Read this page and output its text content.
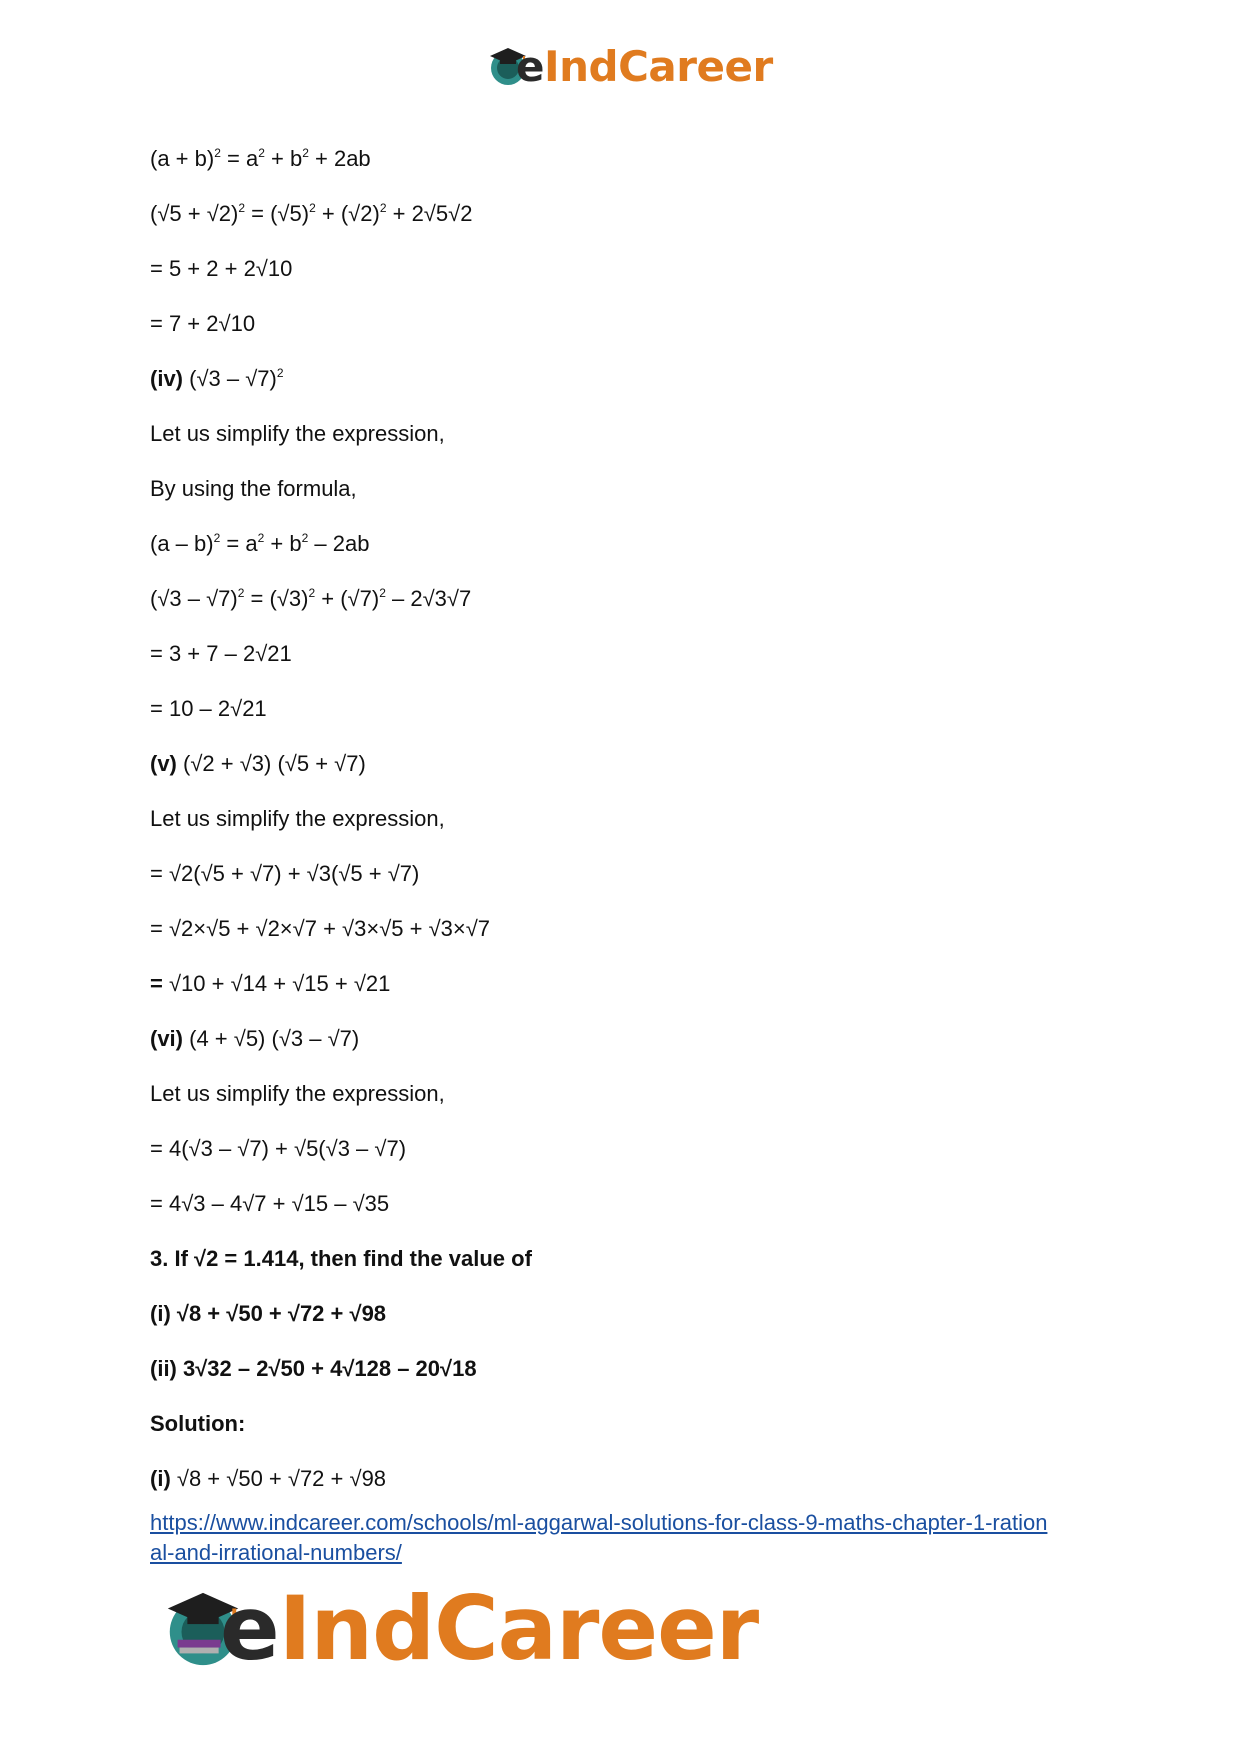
eIndCareer
$(a + b)^2 = a^2 + b^2 + 2ab$
$(√5 + √2)^2 = (√5)^2 + (√2)^2 + 2√5√2$
= 5 + 2 + 2√10
= 7 + 2√10
(iv) (√3 – √7)$^2$
Let us simplify the expression,
By using the formula,
$(a - b)^2 = a^2 + b^2 - 2ab$
$(√3 - √7)^2 = (√3)^2 + (√7)^2 - 2√3√7$
= 3 + 7 – 2√21
= 10 – 2√21
(v) (√2 + √3) (√5 + √7)
Let us simplify the expression,
= √2(√5 + √7) + √3(√5 + √7)
= √2×√5 + √2×√7 + √3×√5 + √3×√7
= √10 + √14 + √15 + √21
(vi) (4 + √5) (√3 – √7)
Let us simplify the expression,
= 4(√3 – √7) + √5(√3 – √7)
= 4√3 – 4√7 + √15 – √35
3. If √2 = 1.414, then find the value of
(i) √8 + √50 + √72 + √98
(ii) 3√32 – 2√50 + 4√128 – 20√18
Solution:
(i) √8 + √50 + √72 + √98
https://www.indcareer.com/schools/ml-aggarwal-solutions-for-class-9-maths-chapter-1-ration
al-and-irrational-numbers/
eIndCareer
